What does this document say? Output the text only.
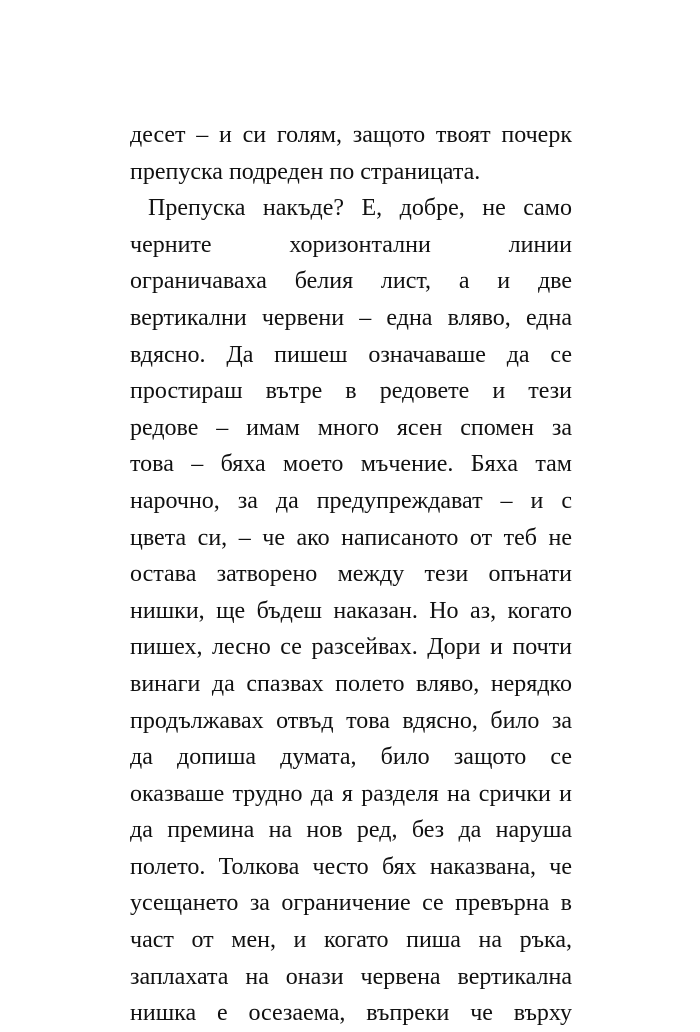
десет – и си голям, защото твоят почерк
препуска подреден по страницата.
Препуска накъде? Е, добре, не само
черните хоризонтални линии
ограничаваха белия лист, а и две
вертикални червени – една вляво, една
вдясно. Да пишеш означаваше да се
простираш вътре в редовете и тези
редове – имам много ясен спомен за
това – бяха моето мъчение. Бяха там
нарочно, за да предупреждават – и с
цвета си, – че ако написаното от теб не
остава затворено между тези опънати
нишки, ще бъдеш наказан. Но аз, когато
пишех, лесно се разсейвах. Дори и почти
винаги да спазвах полето вляво, нерядко
продължавах отвъд това вдясно, било за
да допиша думата, било защото се
оказваше трудно да я разделя на срички и
да премина на нов ред, без да наруша
полето. Толкова често бях наказвана, че
усещането за ограничение се превърна в
част от мен, и когато пиша на ръка,
заплахата на онази червена вертикална
нишка е осезаема, въпреки че върху
